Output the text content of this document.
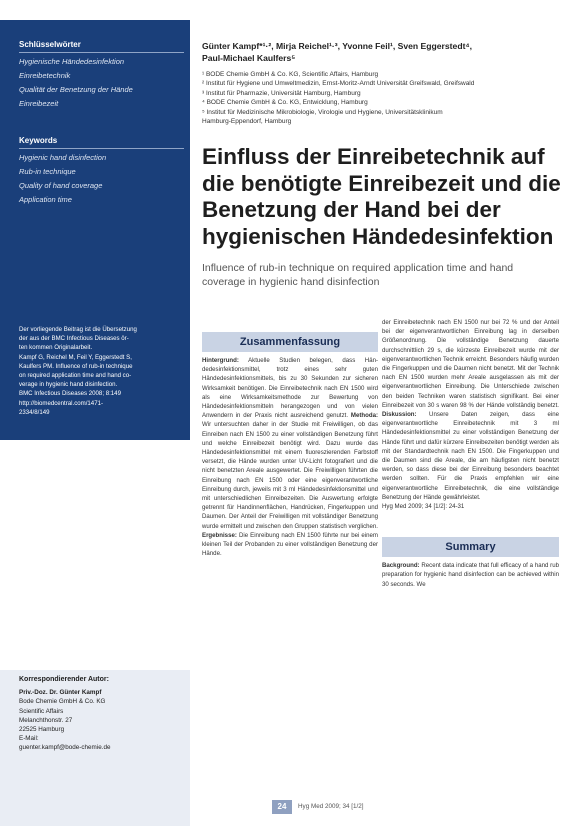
Schlüsselwörter
Hygienische Händedesinfektion
Einreibetechnik
Qualität der Benetzung der Hände
Einreibezeit
Keywords
Hygienic hand disinfection
Rub-in technique
Quality of hand coverage
Application time
Der vorliegende Beitrag ist die Übersetzung
der aus der BMC Infectious Diseases ör-
ten kommen Originalarbeit.
Kampf G, Reichel M, Feil Y, Eggerstedt S,
Kaulfers PM. Influence of rub-in technique
on required application time and hand co-
verage in hygienic hand disinfection.
BMC Infectious Diseases 2008; 8:149
http://biomedcentral.com/1471-
2334/8/149
Korrespondierender Autor:
Priv.-Doz. Dr. Günter Kampf
Bode Chemie GmbH & Co. KG
Scientific Affairs
Melanchthonstr. 27
22525 Hamburg
E-Mail:
guenter.kampf@bode-chemie.de
Günter Kampf*¹·², Mirja Reichel¹·³, Yvonne Feil¹, Sven Eggerstedt⁴,
Paul-Michael Kaulfers⁵
¹ BODE Chemie GmbH & Co. KG, Scientific Affairs, Hamburg
² Institut für Hygiene und Umweltmedizin, Ernst-Moritz-Arndt Universität Greifswald, Greifswald
³ Institut für Pharmazie, Universität Hamburg, Hamburg
⁴ BODE Chemie GmbH & Co. KG, Entwicklung, Hamburg
⁵ Institut für Medizinische Mikrobiologie, Virologie und Hygiene, Universitätsklinikum
Hamburg-Eppendorf, Hamburg
Einfluss der Einreibetechnik auf die benötigte Einreibezeit und die Benetzung der Hand bei der hygienischen Händedesinfektion
Influence of rub-in technique on required application time and hand coverage in hygienic hand disinfection
Zusammenfassung
Hintergrund: Aktuelle Studien belegen, dass Hän-dedesinfektionsmittel, trotz eines sehr guten Händedesinfektionsmittels, bis zu 30 Sekunden zur sicheren Wirksamkeit benötigen. Die Einreibetechnik nach EN 1500 wird als eine Wirksamkeitsmethode zur Bewertung von Händedesinfektionsmitteln herangezogen und von vielen Anwendern in der Praxis nicht ausreichend genutzt. Methoda: Wir untersuchten daher in der Studie mit Freiwilligen, ob das Einreiben nach EN 1500 zu einer vollständigen Benetzung führt und welche Einreibezeit benötigt wird. Dazu wurde das Händedesinfektionsmittel mit einem fluoreszierenden Farbstoff versetzt, die Hände wurden unter UV-Licht fotografiert und die nicht benetzten Areale ausgewertet. Die Freiwilligen führten die Einreibung nach EN 1500 oder eine eigenverantwortliche Einreibung durch, jeweils mit 3 ml Händedesinfektionsmittel und mit unterschiedlichen Einreibezeiten. Die Auswertung erfolgte getrennt für Handinnenflächen, Handrücken, Fingerkuppen und Daumen. Der Anteil der Freiwilligen mit vollständiger Benetzung wurde ermittelt und zwischen den Gruppen statistisch verglichen. Ergebnisse: Die Einreibung nach EN 1500 führte nur bei einem kleinen Teil der Probanden zu einer vollständigen Benetzung der Hände.
der Einreibetechnik nach EN 1500 nur bei 72 % und der Anteil bei der eigenverantwortlichen Einreibung lag in derselben Größenordnung. Die vollständige Benetzung dauerte durchschnittlich 29 s, die kürzeste Einreibezeit wurde mit der eigenverantwortlichen Technik erreicht. Besonders häufig wurden die Fingerkuppen und die Daumen nicht benetzt. Mit der Technik nach EN 1500 wurden mehr Areale ausgelassen als mit der eigenverantwortlichen Einreibung. Die Unterschiede zwischen den beiden Techniken waren statistisch signifikant. Bei einer Einreibezeit von 30 s waren 98 % der Hände vollständig benetzt. Diskussion: Unsere Daten zeigen, dass eine eigenverantwortliche Einreibetechnik mit 3 ml Händedesinfektionsmittel zu einer vollständigen Benetzung der Hände führt und dafür kürzere Einreibezeiten benötigt werden als mit der Standardtechnik nach EN 1500. Die Fingerkuppen und die Daumen sind die Areale, die am häufigsten nicht benetzt werden, so dass diese bei der Einreibung besonders beachtet werden sollten. Für die Praxis empfehlen wir eine eigenverantwortliche Einreibetechnik, die eine vollständige Benetzung der Hände gewährleistet.
Hyg Med 2009; 34 [1/2]: 24-31
Summary
Background: Recent data indicate that full efficacy of a hand rub preparation for hygienic hand disinfection can be achieved within 30 seconds. We
24	Hyg Med 2009; 34 [1/2]
